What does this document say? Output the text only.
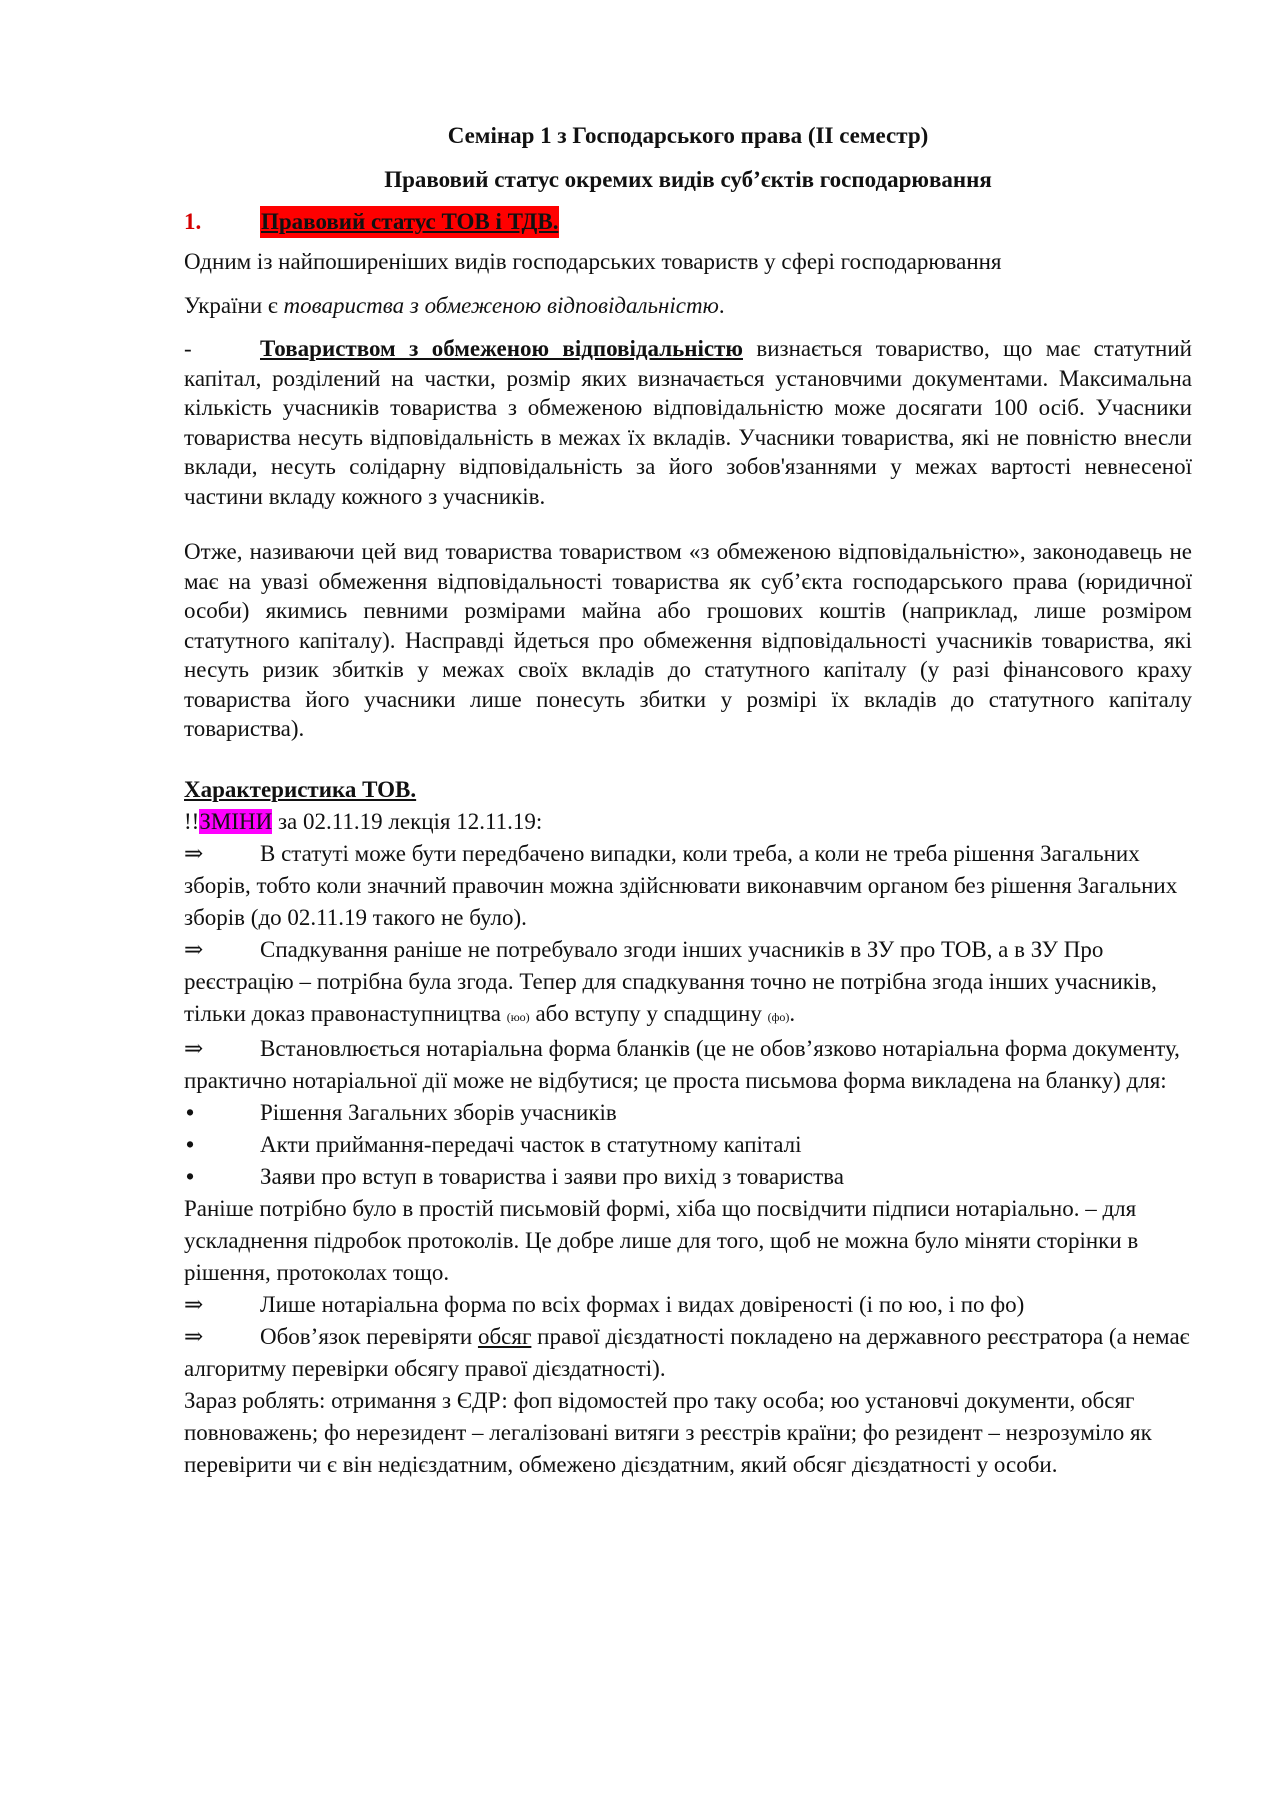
Семінар 1 з Господарського права (ІІ семестр)

Правовий статус окремих видів суб’єктів господарювання

1.	Правовий статус ТОВ і ТДВ.

Одним із найпоширеніших видів господарських товариств у сфері господарювання

України є товариства з обмеженою відповідальністю.

-	Товариством з обмеженою відповідальністю визнається товариство, що має статутний капітал, розділений на частки, розмір яких визначається установчими документами. Максимальна кількість учасників товариства з обмеженою відповідальністю може досягати 100 осіб. Учасники товариства несуть відповідальність в межах їх вкладів. Учасники товариства, які не повністю внесли вклади, несуть солідарну відповідальність за його зобов'язаннями у межах вартості невнесеної частини вкладу кожного з учасників.

Отже, називаючи цей вид товариства товариством «з обмеженою відповідальністю», законодавець не має на увазі обмеження відповідальності товариства як суб’єкта господарського права (юридичної особи) якимись певними розмірами майна або грошових коштів (наприклад, лише розміром статутного капіталу). Насправді йдеться про обмеження відповідальності учасників товариства, які несуть ризик збитків у межах своїх вкладів до статутного капіталу (у разі фінансового краху товариства його учасники лише понесуть збитки у розмірі їх вкладів до статутного капіталу товариства).

Характеристика ТОВ.

!!ЗМІНИ за 02.11.19 лекція 12.11.19:

⇒ В статуті може бути передбачено випадки, коли треба, а коли не треба рішення Загальних зборів, тобто коли значний правочин можна здійснювати виконавчим органом без рішення Загальних зборів (до 02.11.19 такого не було).

⇒ Спадкування раніше не потребувало згоди інших учасників в ЗУ про ТОВ, а в ЗУ Про реєстрацію – потрібна була згода. Тепер для спадкування точно не потрібна згода інших учасників, тільки доказ правонаступництва (юо) або вступу у спадщину (фо).

⇒ Встановлюється нотаріальна форма бланків (це не обов’язково нотаріальна форма документу, практично нотаріальної дії може не відбутися; це проста письмова форма викладена на бланку) для:

•	Рішення Загальних зборів учасників

•	Акти приймання-передачі часток в статутному капіталі

•	Заяви про вступ в товариства і заяви про вихід з товариства

Раніше потрібно було в простій письмовій формі, хіба що посвідчити підписи нотаріально. – для ускладнення підробок протоколів. Це добре лише для того, щоб не можна було міняти сторінки в рішення, протоколах тощо.

⇒ Лише нотаріальна форма по всіх формах і видах довіреності (і по юо, і по фо)

⇒ Обов’язок перевіряти обсяг правої дієздатності покладено на державного реєстратора (а немає алгоритму перевірки обсягу правої дієздатності).

Зараз роблять: отримання з ЄДР: фоп відомостей про таку особа; юо установчі документи, обсяг повноважень; фо нерезидент – легалізовані витяги з реєстрів країни; фо резидент – незрозуміло як перевірити чи є він недієздатним, обмежено дієздатним, який обсяг дієздатності у особи.
